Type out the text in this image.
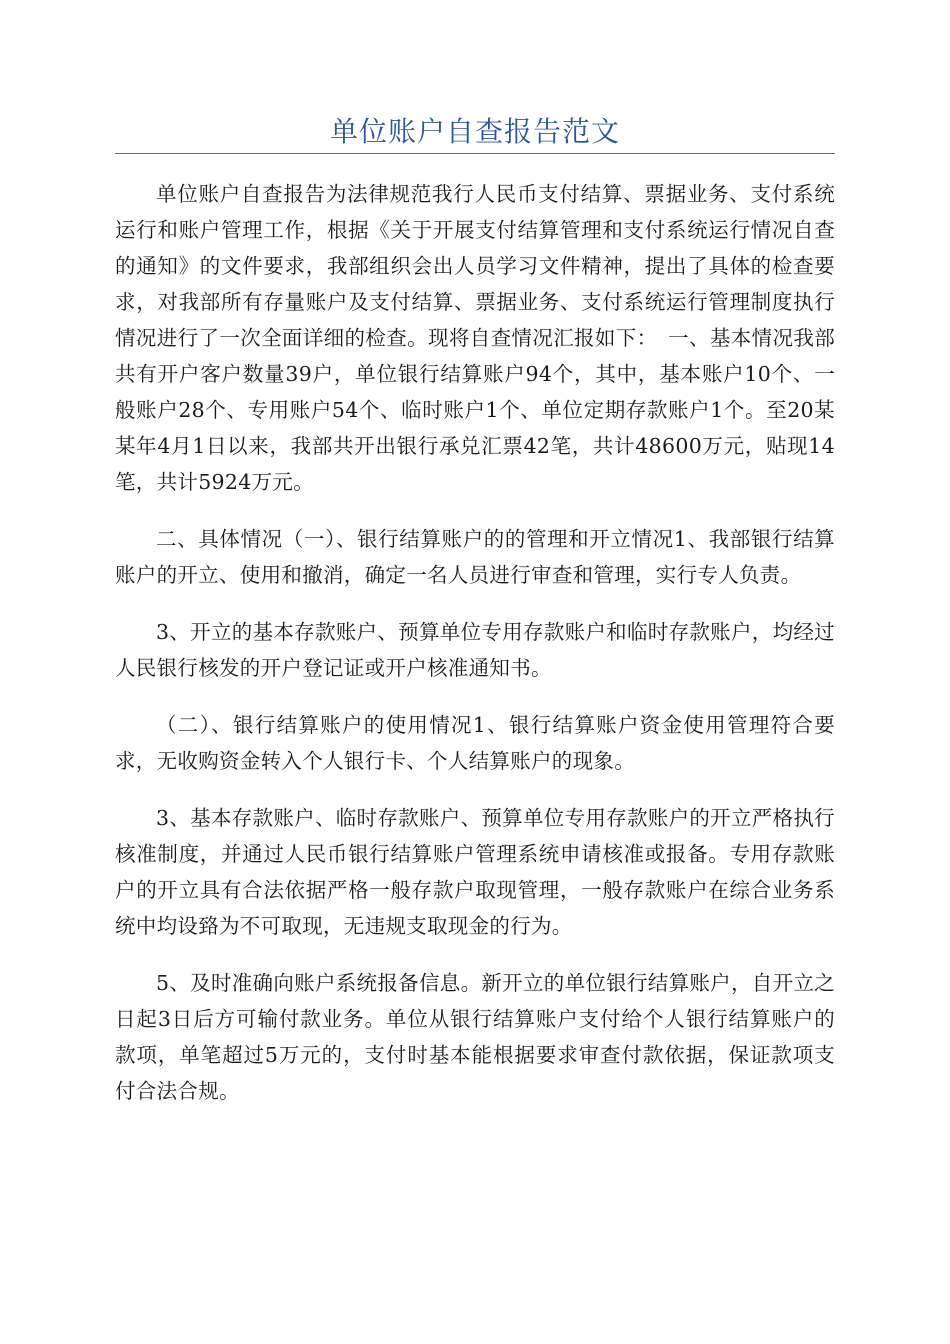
单位账户自查报告范文

单位账户自查报告为法律规范我行人民币支付结算、票据业务、支付系统运行和账户管理工作，根据《关于开展支付结算管理和支付系统运行情况自查的通知》的文件要求，我部组织会出人员学习文件精神，提出了具体的检查要求，对我部所有存量账户及支付结算、票据业务、支付系统运行管理制度执行情况进行了一次全面详细的检查。现将自查情况汇报如下：　一、基本情况我部共有开户客户数量39户，单位银行结算账户94个，其中，基本账户10个、一般账户28个、专用账户54个、临时账户1个、单位定期存款账户1个。至20某某年4月1日以来，我部共开出银行承兑汇票42笔，共计48600万元，贴现14笔，共计5924万元。

二、具体情况（一）、银行结算账户的的管理和开立情况1、我部银行结算账户的开立、使用和撤消，确定一名人员进行审查和管理，实行专人负责。

3、开立的基本存款账户、预算单位专用存款账户和临时存款账户，均经过人民银行核发的开户登记证或开户核准通知书。

（二）、银行结算账户的使用情况1、银行结算账户资金使用管理符合要求，无收购资金转入个人银行卡、个人结算账户的现象。

3、基本存款账户、临时存款账户、预算单位专用存款账户的开立严格执行核准制度，并通过人民币银行结算账户管理系统申请核准或报备。专用存款账户的开立具有合法依据严格一般存款户取现管理，一般存款账户在综合业务系统中均设臵为不可取现，无违规支取现金的行为。

5、及时准确向账户系统报备信息。新开立的单位银行结算账户，自开立之日起3日后方可输付款业务。单位从银行结算账户支付给个人银行结算账户的款项，单笔超过5万元的，支付时基本能根据要求审查付款依据，保证款项支付合法合规。
